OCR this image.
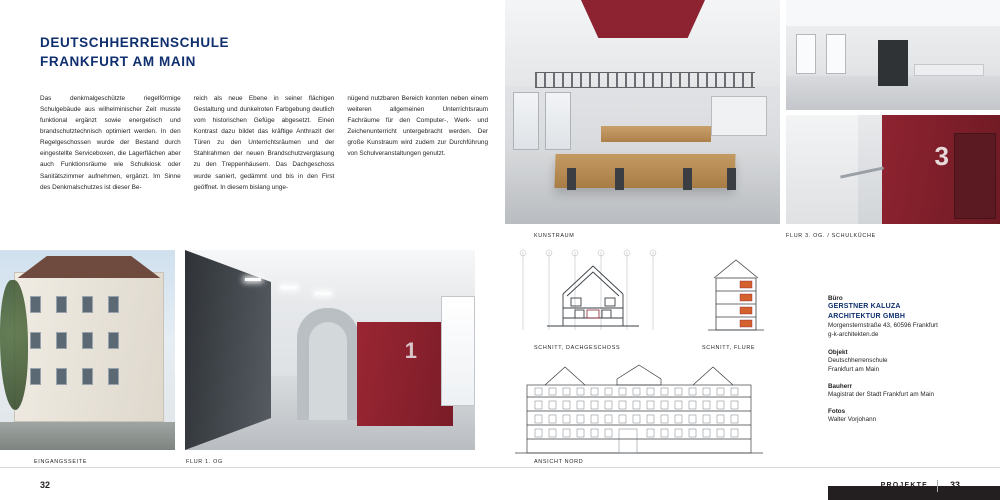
DEUTSCHHERRENSCHULE
FRANKFURT AM MAIN

Das denkmalgeschützte riegelförmige Schulgebäude aus wilhelminischer Zeit musste funktional ergänzt sowie energetisch und brandschutztechnisch optimiert werden. In den Regelgeschossen wurde der Bestand durch eingestellte Serviceboxen, die Lagerflächen aber auch Funktionsräume wie Schulkiosk oder Sanitätszimmer aufnehmen, ergänzt. Im Sinne des Denkmalschutzes ist dieser Be-

reich als neue Ebene in seiner flächigen Gestaltung und dunkelroten Farbgebung deutlich vom historischen Gefüge abgesetzt. Einen Kontrast dazu bildet das kräftige Anthrazit der Türen zu den Unterrichtsräumen und der Stahlrahmen der neuen Brandschutzverglasung zu den Treppenhäusern. Das Dachgeschoss wurde saniert, gedämmt und bis in den First geöffnet. In diesem bislang unge-

nügend nutzbaren Bereich konnten neben einem weiteren allgemeinen Unterrichtsraum Fachräume für den Computer-, Werk- und Zeichenunterricht untergebracht werden. Der große Kunstraum wird zudem zur Durchführung von Schulveranstaltungen genutzt.

KUNSTRAUM
3
FLUR 3. OG. / SCHULKÜCHE
EINGANGSSEITE
1
FLUR 1. OG
SCHNITT, DACHGESCHOSS	SCHNITT, FLURE
ANSICHT NORD
Büro
GERSTNER KALUZA
ARCHITEKTUR GMBH
Morgensternstraße 43, 60596 Frankfurt
g-k-architekten.de
Objekt
Deutschherrenschule
Frankfurt am Main
Bauherr
Magistrat der Stadt Frankfurt am Main
Fotos
Walter Vorjohann
32	PROJEKTE 33
